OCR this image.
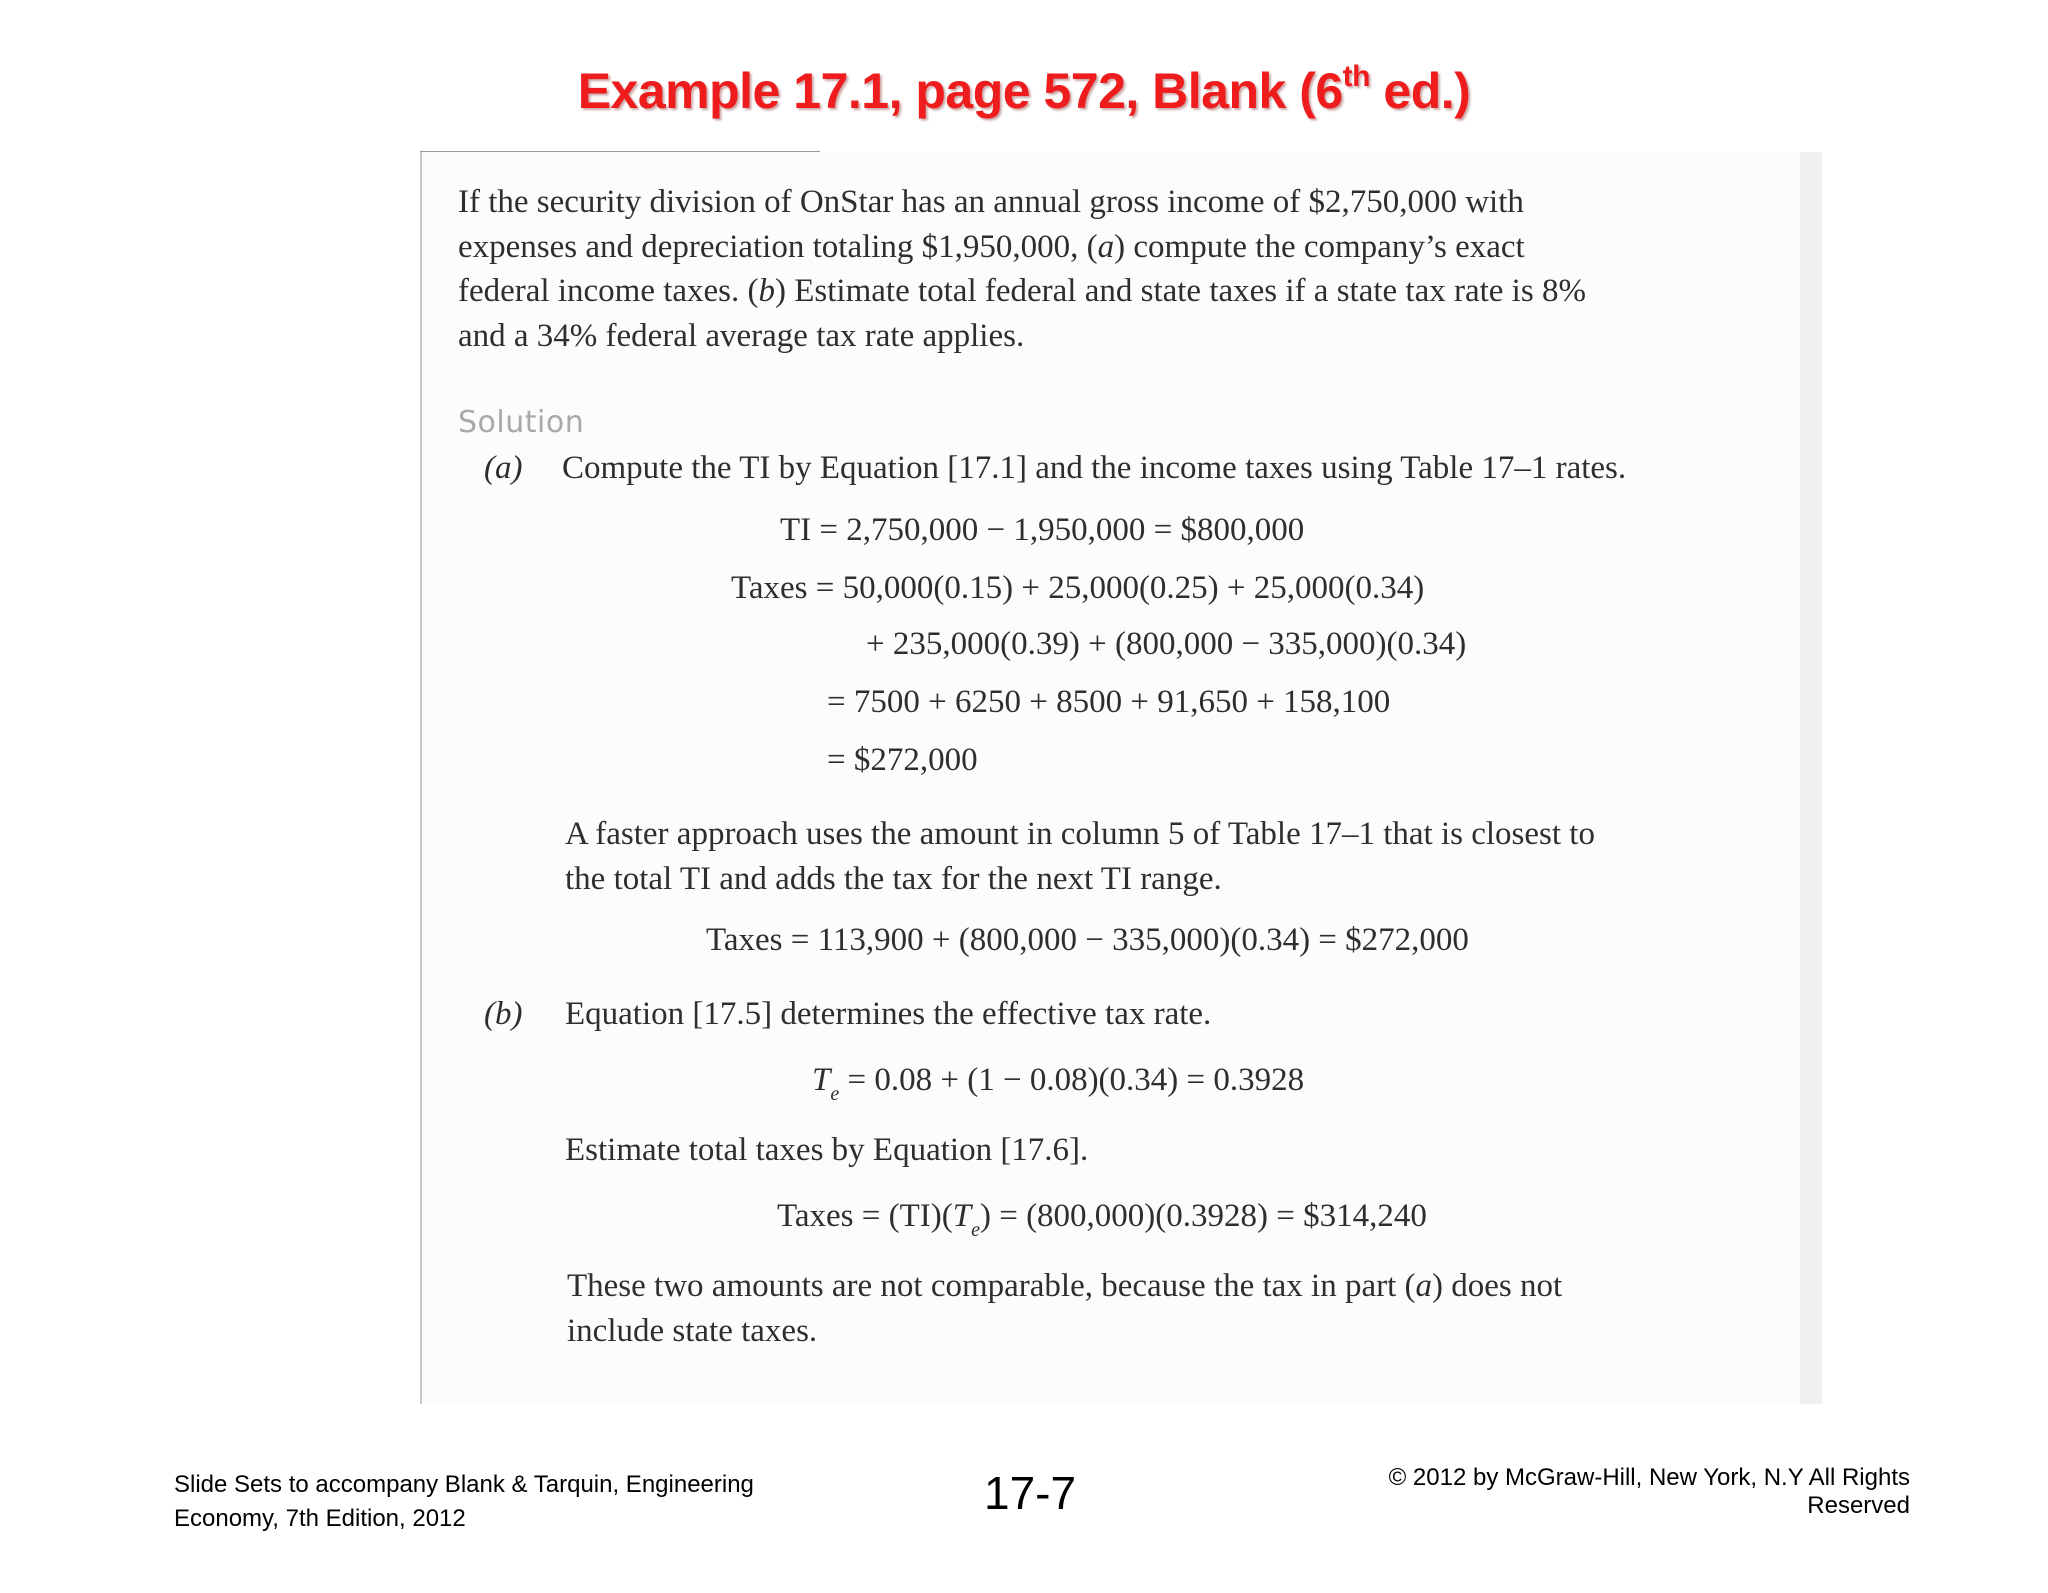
Example 17.1, page 572, Blank (6th ed.)
If the security division of OnStar has an annual gross income of $2,750,000 with
expenses and depreciation totaling $1,950,000, (a) compute the company’s exact
federal income taxes. (b) Estimate total federal and state taxes if a state tax rate is 8%
and a 34% federal average tax rate applies.
Solution
(a) Compute the TI by Equation [17.1] and the income taxes using Table 17–1 rates.
TI = 2,750,000 − 1,950,000 = $800,000
Taxes = 50,000(0.15) + 25,000(0.25) + 25,000(0.34)
+ 235,000(0.39) + (800,000 − 335,000)(0.34)
= 7500 + 6250 + 8500 + 91,650 + 158,100
= $272,000
A faster approach uses the amount in column 5 of Table 17–1 that is closest to
the total TI and adds the tax for the next TI range.
Taxes = 113,900 + (800,000 − 335,000)(0.34) = $272,000
(b) Equation [17.5] determines the effective tax rate.
$T_e = 0.08 + (1 - 0.08)(0.34) = 0.3928$
Estimate total taxes by Equation [17.6].
Taxes = $(TI)(T_e) = (800,000)(0.3928)$ = $314,240
These two amounts are not comparable, because the tax in part (a) does not
include state taxes.
Slide Sets to accompany Blank & Tarquin, Engineering Economy, 7th Edition, 2012	17-7	© 2012 by McGraw-Hill, New York, N.Y All Rights Reserved
